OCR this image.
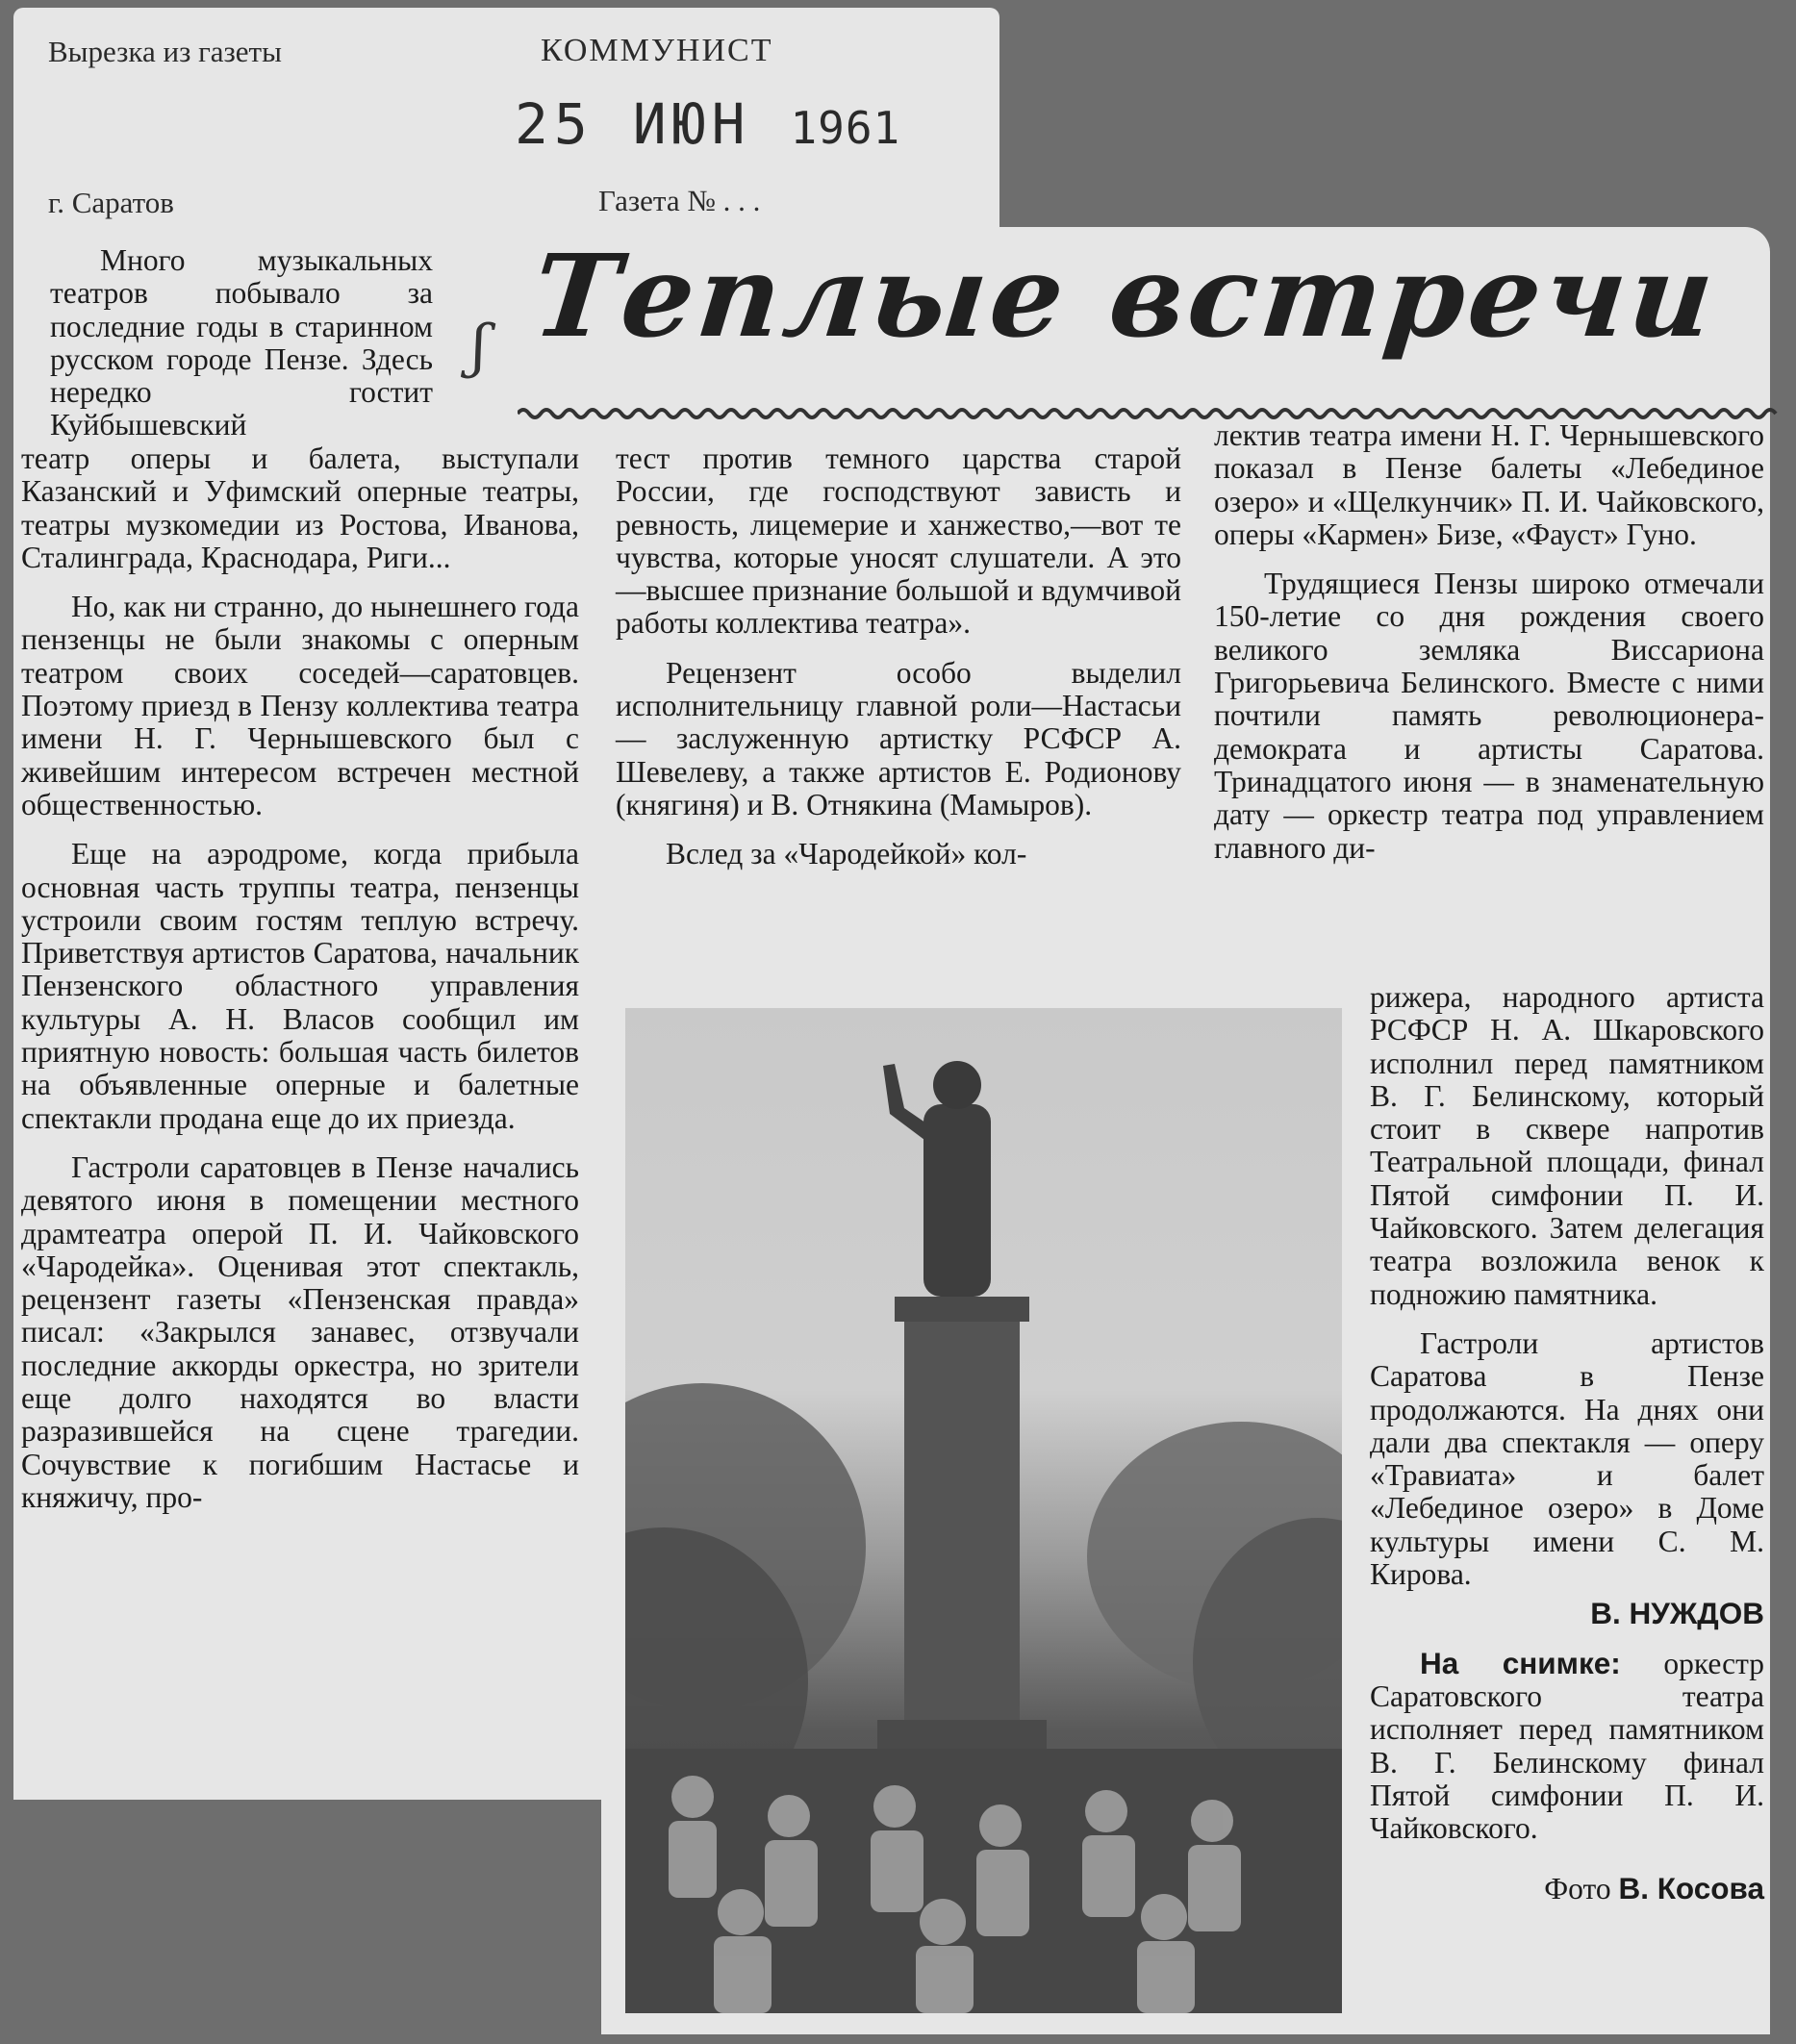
Вырезка из газеты	КОММУНИСТ
25 ИЮН 1961
г. Саратов	Газета № . . .
ʃ Теплые встречи

Много музыкальных театров побывало за последние годы в старинном русском городе Пензе. Здесь нередко гостит Куйбышевский

театр оперы и балета, выступали Казанский и Уфимский оперные театры, театры музкомедии из Ростова, Иванова, Сталинграда, Краснодара, Риги...

Но, как ни странно, до нынешнего года пензенцы не были знакомы с оперным театром своих соседей—саратовцев. Поэтому приезд в Пензу коллектива театра имени Н. Г. Чернышевского был с живейшим интересом встречен местной общественностью.

Еще на аэродроме, когда прибыла основная часть труппы театра, пензенцы устроили своим гостям теплую встречу. Приветствуя артистов Саратова, начальник Пензенского областного управления культуры А. Н. Власов сообщил им приятную новость: большая часть билетов на объявленные оперные и балетные спектакли продана еще до их приезда.

Гастроли саратовцев в Пензе начались девятого июня в помещении местного драмтеатра оперой П. И. Чайковского «Чародейка». Оценивая этот спектакль, рецензент газеты «Пензенская правда» писал: «Закрылся занавес, отзвучали последние аккорды оркестра, но зрители еще долго находятся во власти разразившейся на сцене трагедии. Сочувствие к погибшим Настасье и княжичу, про-

тест против темного царства старой России, где господствуют зависть и ревность, лицемерие и ханжество,—вот те чувства, которые уносят слушатели. А это—высшее признание большой и вдумчивой работы коллектива театра».

Рецензент особо выделил исполнительницу главной роли—Настасьи — заслуженную артистку РСФСР А. Шевелеву, а также артистов Е. Родионову (княгиня) и В. Отнякина (Мамыров).

Вслед за «Чародейкой» кол-

лектив театра имени Н. Г. Чернышевского показал в Пензе балеты «Лебединое озеро» и «Щелкунчик» П. И. Чайковского, оперы «Кармен» Бизе, «Фауст» Гуно.

Трудящиеся Пензы широко отмечали 150-летие со дня рождения своего великого земляка Виссариона Григорьевича Белинского. Вместе с ними почтили память революционера-демократа и артисты Саратова. Тринадцатого июня — в знаменательную дату — оркестр театра под управлением главного ди-

рижера, народного артиста РСФСР Н. А. Шкаровского исполнил перед памятником В. Г. Белинскому, который стоит в сквере напротив Театральной площади, финал Пятой симфонии П. И. Чайковского. Затем делегация театра возложила венок к подножию памятника.

Гастроли артистов Саратова в Пензе продолжаются. На днях они дали два спектакля — оперу «Травиата» и балет «Лебединое озеро» в Доме культуры имени С. М. Кирова.

В. НУЖДОВ

На снимке: оркестр Саратовского театра исполняет перед памятником В. Г. Белинскому финал Пятой симфонии П. И. Чайковского.

Фото В. Косова
